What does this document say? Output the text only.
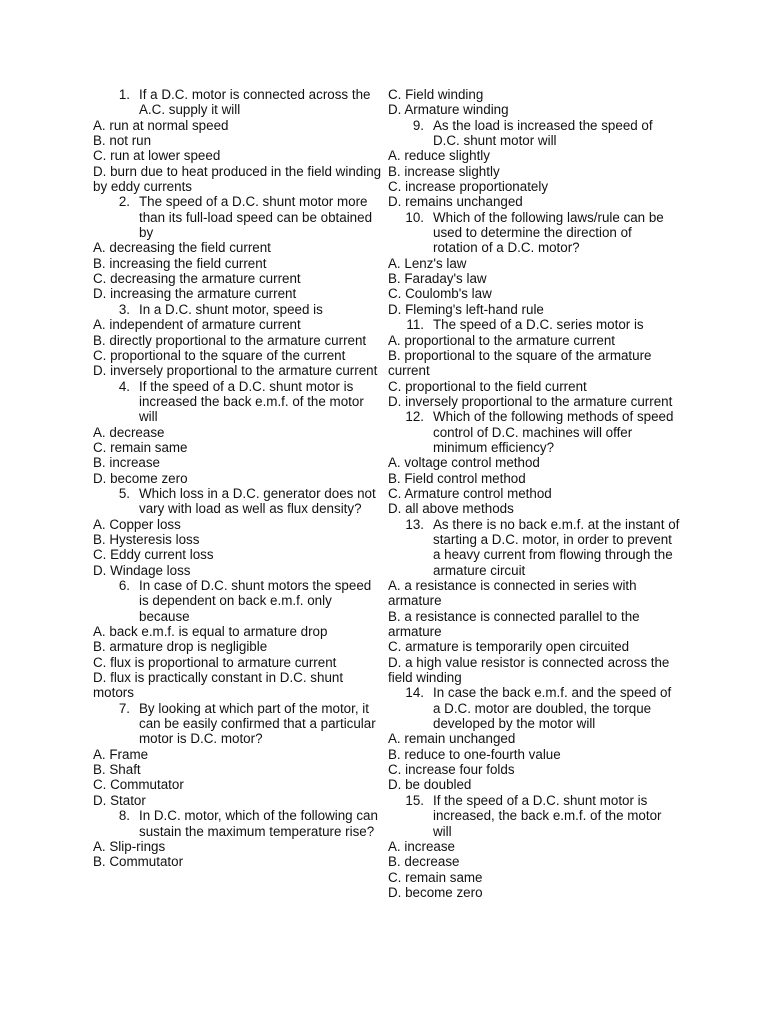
1. If a D.C. motor is connected across the A.C. supply it will
A. run at normal speed
B. not run
C. run at lower speed
D. burn due to heat produced in the field winding by eddy currents
2. The speed of a D.C. shunt motor more than its full-load speed can be obtained by
A. decreasing the field current
B. increasing the field current
C. decreasing the armature current
D. increasing the armature current
3. In a D.C. shunt motor, speed is
A. independent of armature current
B. directly proportional to the armature current
C. proportional to the square of the current
D. inversely proportional to the armature current
4. If the speed of a D.C. shunt motor is increased the back e.m.f. of the motor will
A. decrease
C. remain same
B. increase
D. become zero
5. Which loss in a D.C. generator does not vary with load as well as flux density?
A. Copper loss
B. Hysteresis loss
C. Eddy current loss
D. Windage loss
6. In case of D.C. shunt motors the speed is dependent on back e.m.f. only because
A. back e.m.f. is equal to armature drop
B. armature drop is negligible
C. flux is proportional to armature current
D. flux is practically constant in D.C. shunt motors
7. By looking at which part of the motor, it can be easily confirmed that a particular motor is D.C. motor?
A. Frame
B. Shaft
C. Commutator
D. Stator
8. In D.C. motor, which of the following can sustain the maximum temperature rise?
A. Slip-rings
B. Commutator
C. Field winding
D. Armature winding
9. As the load is increased the speed of D.C. shunt motor will
A. reduce slightly
B. increase slightly
C. increase proportionately
D. remains unchanged
10. Which of the following laws/rule can be used to determine the direction of rotation of a D.C. motor?
A. Lenz's law
B. Faraday's law
C. Coulomb's law
D. Fleming's left-hand rule
11. The speed of a D.C. series motor is
A. proportional to the armature current
B. proportional to the square of the armature current
C. proportional to the field current
D. inversely proportional to the armature current
12. Which of the following methods of speed control of D.C. machines will offer minimum efficiency?
A. voltage control method
B. Field control method
C. Armature control method
D. all above methods
13. As there is no back e.m.f. at the instant of starting a D.C. motor, in order to prevent a heavy current from flowing through the armature circuit
A. a resistance is connected in series with armature
B. a resistance is connected parallel to the armature
C. armature is temporarily open circuited
D. a high value resistor is connected across the field winding
14. In case the back e.m.f. and the speed of a D.C. motor are doubled, the torque developed by the motor will
A. remain unchanged
B. reduce to one-fourth value
C. increase four folds
D. be doubled
15. If the speed of a D.C. shunt motor is increased, the back e.m.f. of the motor will
A. increase
B. decrease
C. remain same
D. become zero
